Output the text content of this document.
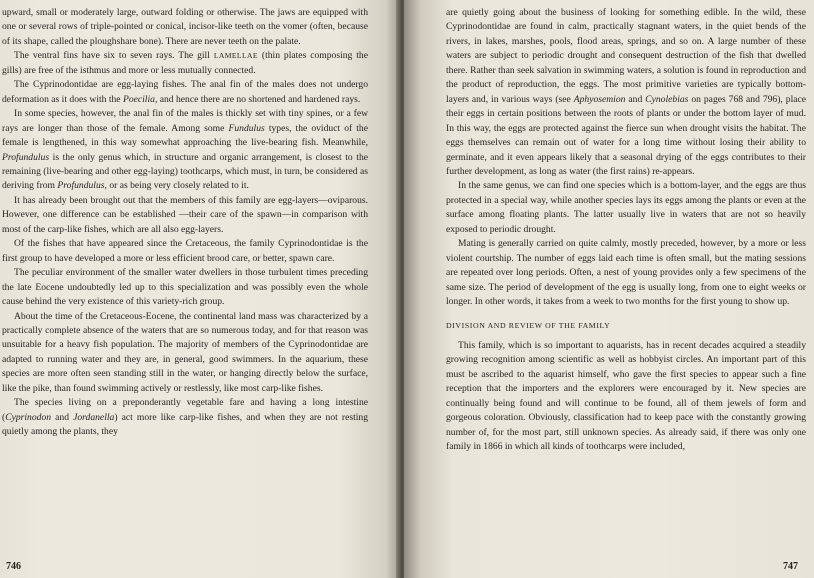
upward, small or moderately large, outward folding or otherwise. The jaws are equipped with one or several rows of triple-pointed or conical, incisor-like teeth on the vomer (often, because of its shape, called the ploughshare bone). There are never teeth on the palate.

The ventral fins have six to seven rays. The gill LAMELLAE (thin plates composing the gills) are free of the isthmus and more or less mutually connected.

The Cyprinodontidae are egg-laying fishes. The anal fin of the males does not undergo deformation as it does with the Poecilia, and hence there are no shortened and hardened rays.

In some species, however, the anal fin of the males is thickly set with tiny spines, or a few rays are longer than those of the female. Among some Fundulus types, the oviduct of the female is lengthened, in this way somewhat approaching the live-bearing fish. Meanwhile, Profundulus is the only genus which, in structure and organic arrangement, is closest to the remaining (live-bearing and other egg-laying) toothcarps, which must, in turn, be considered as deriving from Profundulus, or as being very closely related to it.

It has already been brought out that the members of this family are egg-layers—oviparous. However, one difference can be established —their care of the spawn—in comparison with most of the carp-like fishes, which are all also egg-layers.

Of the fishes that have appeared since the Cretaceous, the family Cyprinodontidae is the first group to have developed a more or less efficient brood care, or better, spawn care.

The peculiar environment of the smaller water dwellers in those turbulent times preceding the late Eocene undoubtedly led up to this specialization and was possibly even the whole cause behind the very existence of this variety-rich group.

About the time of the Cretaceous-Eocene, the continental land mass was characterized by a practically complete absence of the waters that are so numerous today, and for that reason was unsuitable for a heavy fish population. The majority of members of the Cyprinodontidae are adapted to running water and they are, in general, good swimmers. In the aquarium, these species are more often seen standing still in the water, or hanging directly below the surface, like the pike, than found swimming actively or restlessly, like most carp-like fishes.

The species living on a preponderantly vegetable fare and having a long intestine (Cyprinodon and Jordanella) act more like carp-like fishes, and when they are not resting quietly among the plants, they

746

are quietly going about the business of looking for something edible. In the wild, these Cyprinodontidae are found in calm, practically stagnant waters, in the quiet bends of the rivers, in lakes, marshes, pools, flood areas, springs, and so on. A large number of these waters are subject to periodic drought and consequent destruction of the fish that dwelled there. Rather than seek salvation in swimming waters, a solution is found in reproduction and the product of reproduction, the eggs. The most primitive varieties are typically bottom-layers and, in various ways (see Aphyosemion and Cynolebias on pages 768 and 796), place their eggs in certain positions between the roots of plants or under the bottom layer of mud. In this way, the eggs are protected against the fierce sun when drought visits the habitat. The eggs themselves can remain out of water for a long time without losing their ability to germinate, and it even appears likely that a seasonal drying of the eggs contributes to their further development, as long as water (the first rains) re-appears.

In the same genus, we can find one species which is a bottom-layer, and the eggs are thus protected in a special way, while another species lays its eggs among the plants or even at the surface among floating plants. The latter usually live in waters that are not so heavily exposed to periodic drought.

Mating is generally carried on quite calmly, mostly preceded, however, by a more or less violent courtship. The number of eggs laid each time is often small, but the mating sessions are repeated over long periods. Often, a nest of young provides only a few specimens of the same size. The period of development of the egg is usually long, from one to eight weeks or longer. In other words, it takes from a week to two months for the first young to show up.

DIVISION AND REVIEW OF THE FAMILY

This family, which is so important to aquarists, has in recent decades acquired a steadily growing recognition among scientific as well as hobbyist circles. An important part of this must be ascribed to the aquarist himself, who gave the first species to appear such a fine reception that the importers and the explorers were encouraged by it. New species are continually being found and will continue to be found, all of them jewels of form and gorgeous coloration. Obviously, classification had to keep pace with the constantly growing number of, for the most part, still unknown species. As already said, if there was only one family in 1866 in which all kinds of toothcarps were included,

747
